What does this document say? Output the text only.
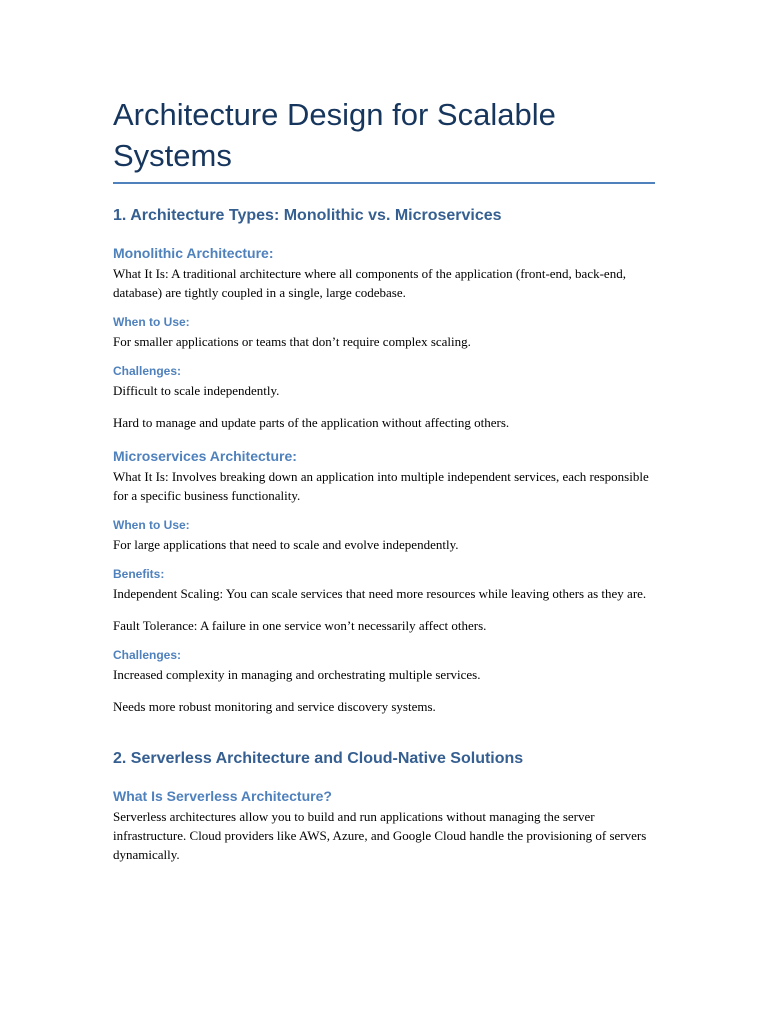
Architecture Design for Scalable Systems
1. Architecture Types: Monolithic vs. Microservices
Monolithic Architecture:

What It Is: A traditional architecture where all components of the application (front-end, back-end, database) are tightly coupled in a single, large codebase.

When to Use:

For smaller applications or teams that don’t require complex scaling.

Challenges:

Difficult to scale independently.

Hard to manage and update parts of the application without affecting others.

Microservices Architecture:

What It Is: Involves breaking down an application into multiple independent services, each responsible for a specific business functionality.

When to Use:

For large applications that need to scale and evolve independently.

Benefits:

Independent Scaling: You can scale services that need more resources while leaving others as they are.

Fault Tolerance: A failure in one service won’t necessarily affect others.

Challenges:

Increased complexity in managing and orchestrating multiple services.

Needs more robust monitoring and service discovery systems.

2. Serverless Architecture and Cloud-Native Solutions
What Is Serverless Architecture?

Serverless architectures allow you to build and run applications without managing the server infrastructure. Cloud providers like AWS, Azure, and Google Cloud handle the provisioning of servers dynamically.
